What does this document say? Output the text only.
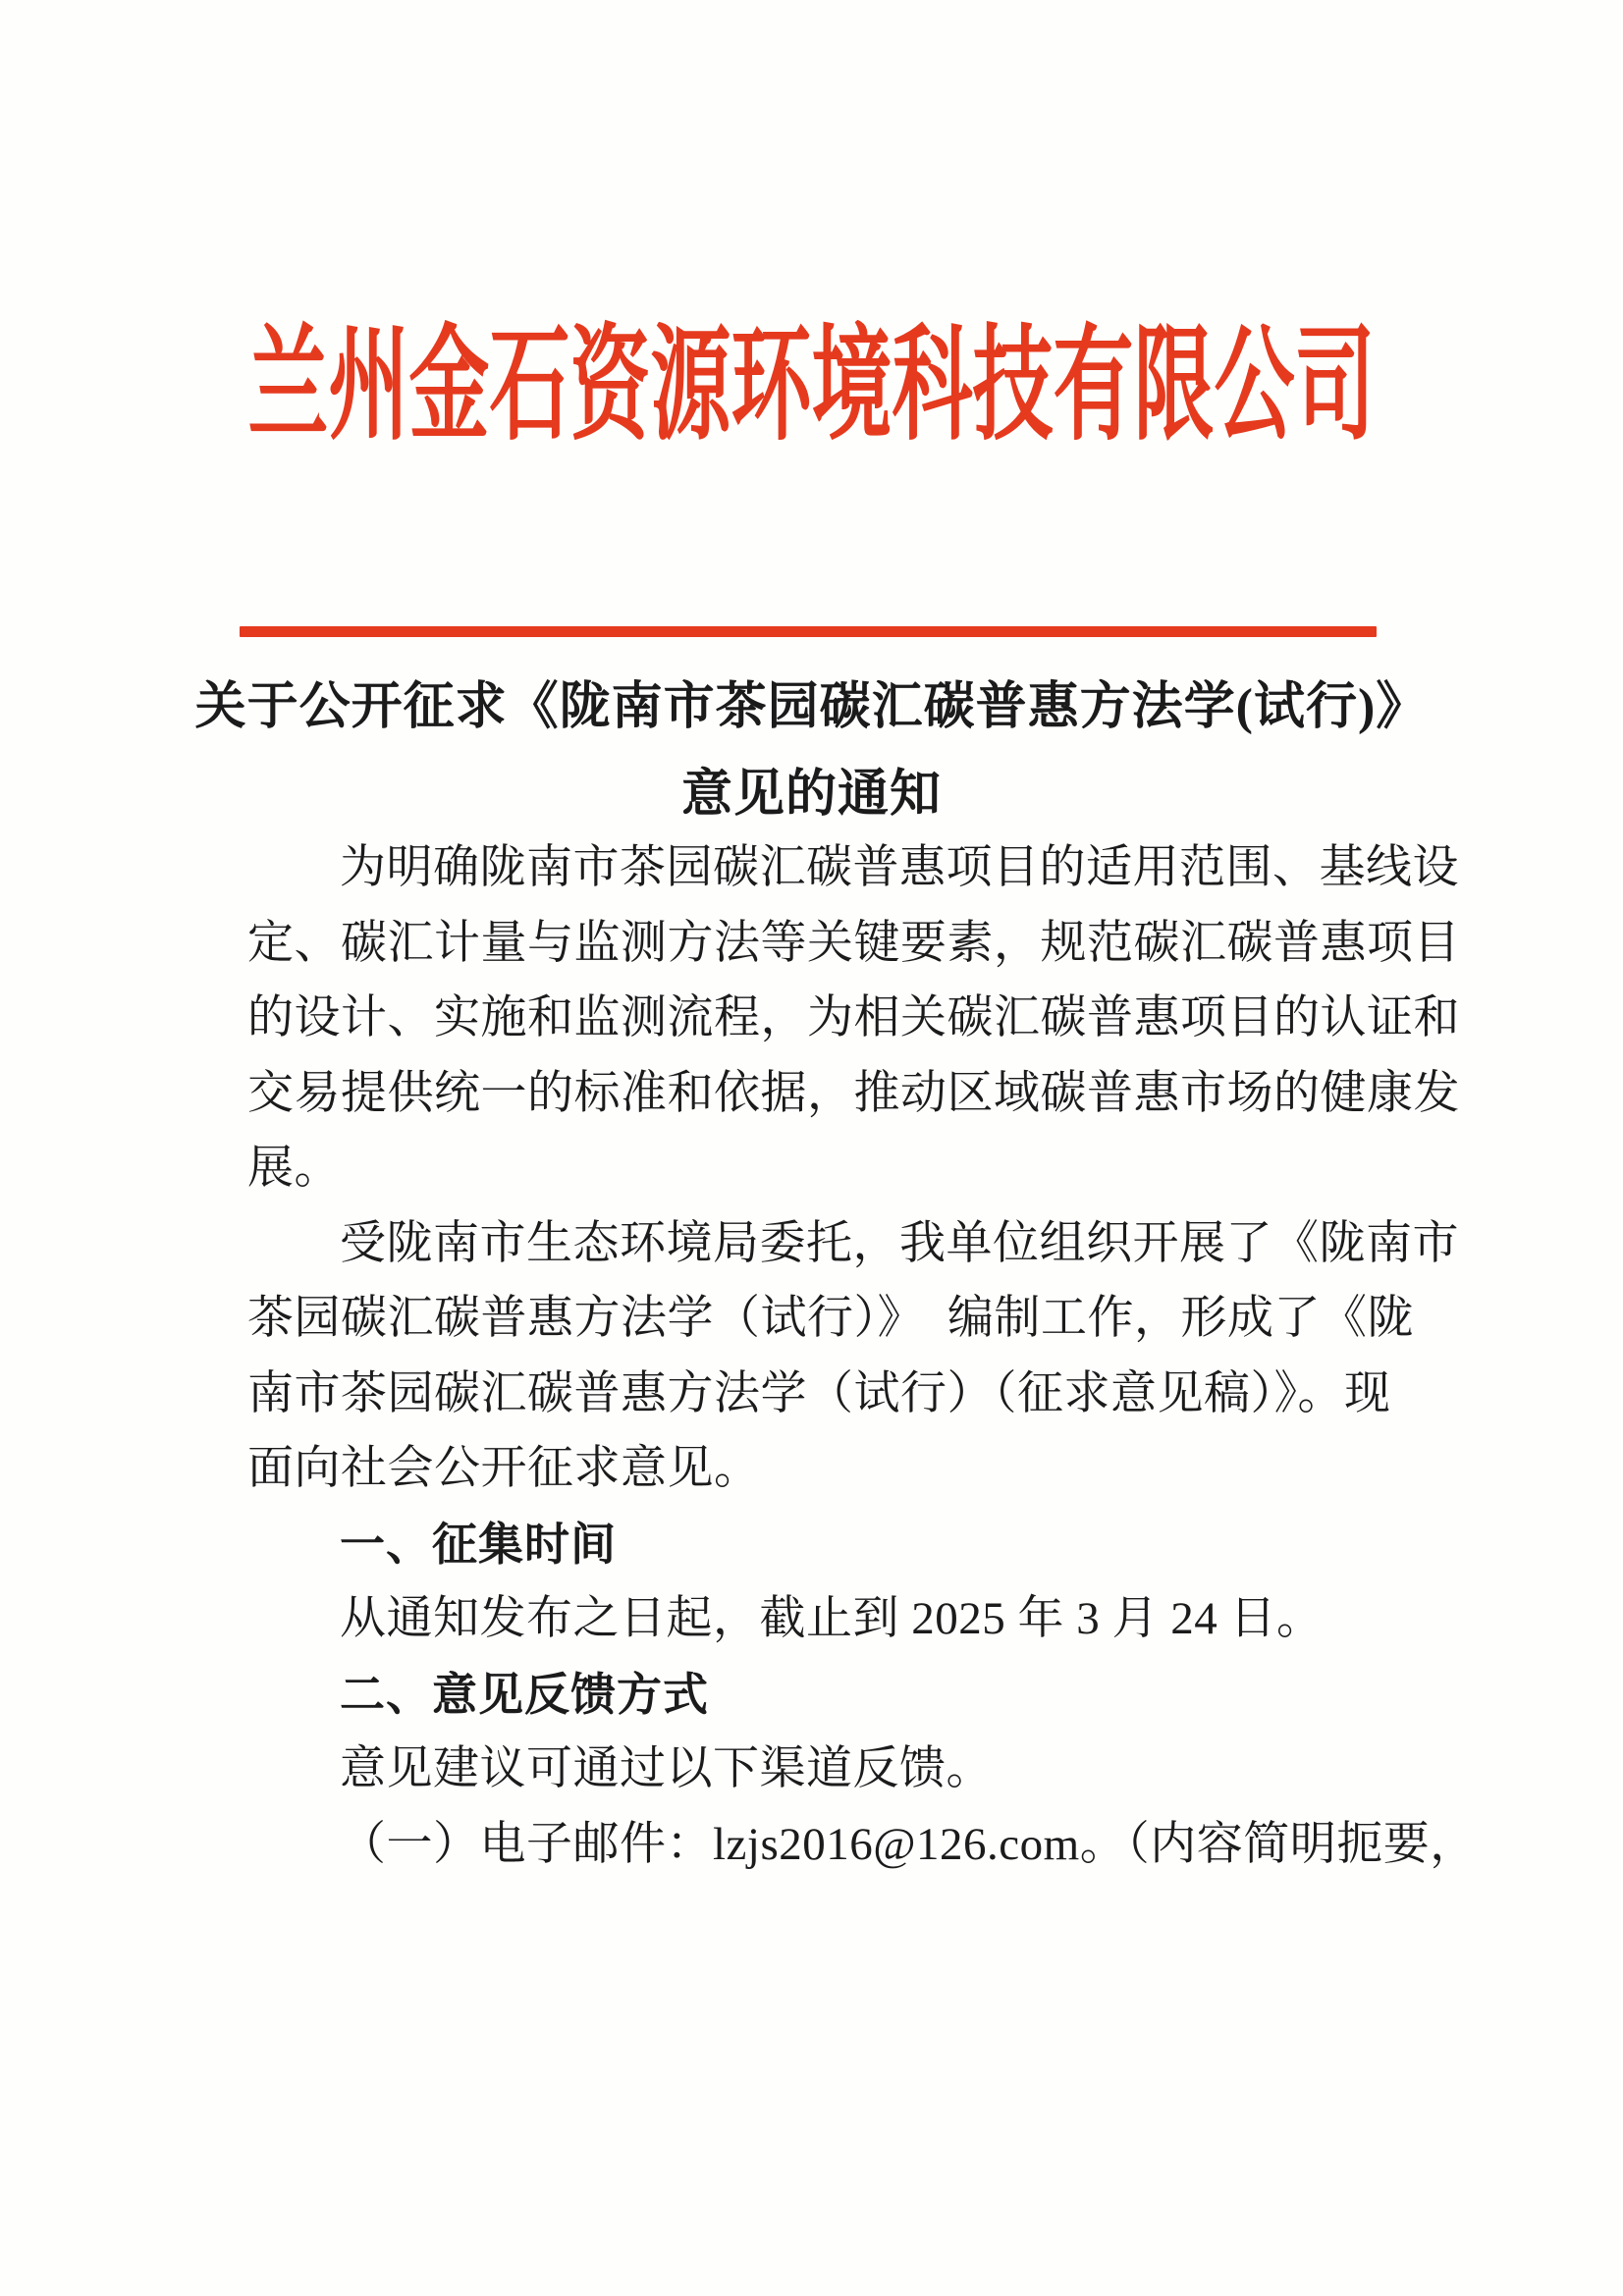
兰州金石资源环境科技有限公司
关于公开征求《陇南市茶园碳汇碳普惠方法学(试行)》
意见的通知
为明确陇南市茶园碳汇碳普惠项目的适用范围、基线设
定、碳汇计量与监测方法等关键要素，规范碳汇碳普惠项目
的设计、实施和监测流程，为相关碳汇碳普惠项目的认证和
交易提供统一的标准和依据，推动区域碳普惠市场的健康发
展。
受陇南市生态环境局委托，我单位组织开展了《陇南市
茶园碳汇碳普惠方法学（试行）》　编制工作，形成了《陇
南市茶园碳汇碳普惠方法学（试行）（征求意见稿）》。现
面向社会公开征求意见。
一、征集时间
从通知发布之日起，截止到 2025 年 3 月 24 日。
二、意见反馈方式
意见建议可通过以下渠道反馈。
（一）电子邮件：lzjs2016@126.com。（内容简明扼要，
